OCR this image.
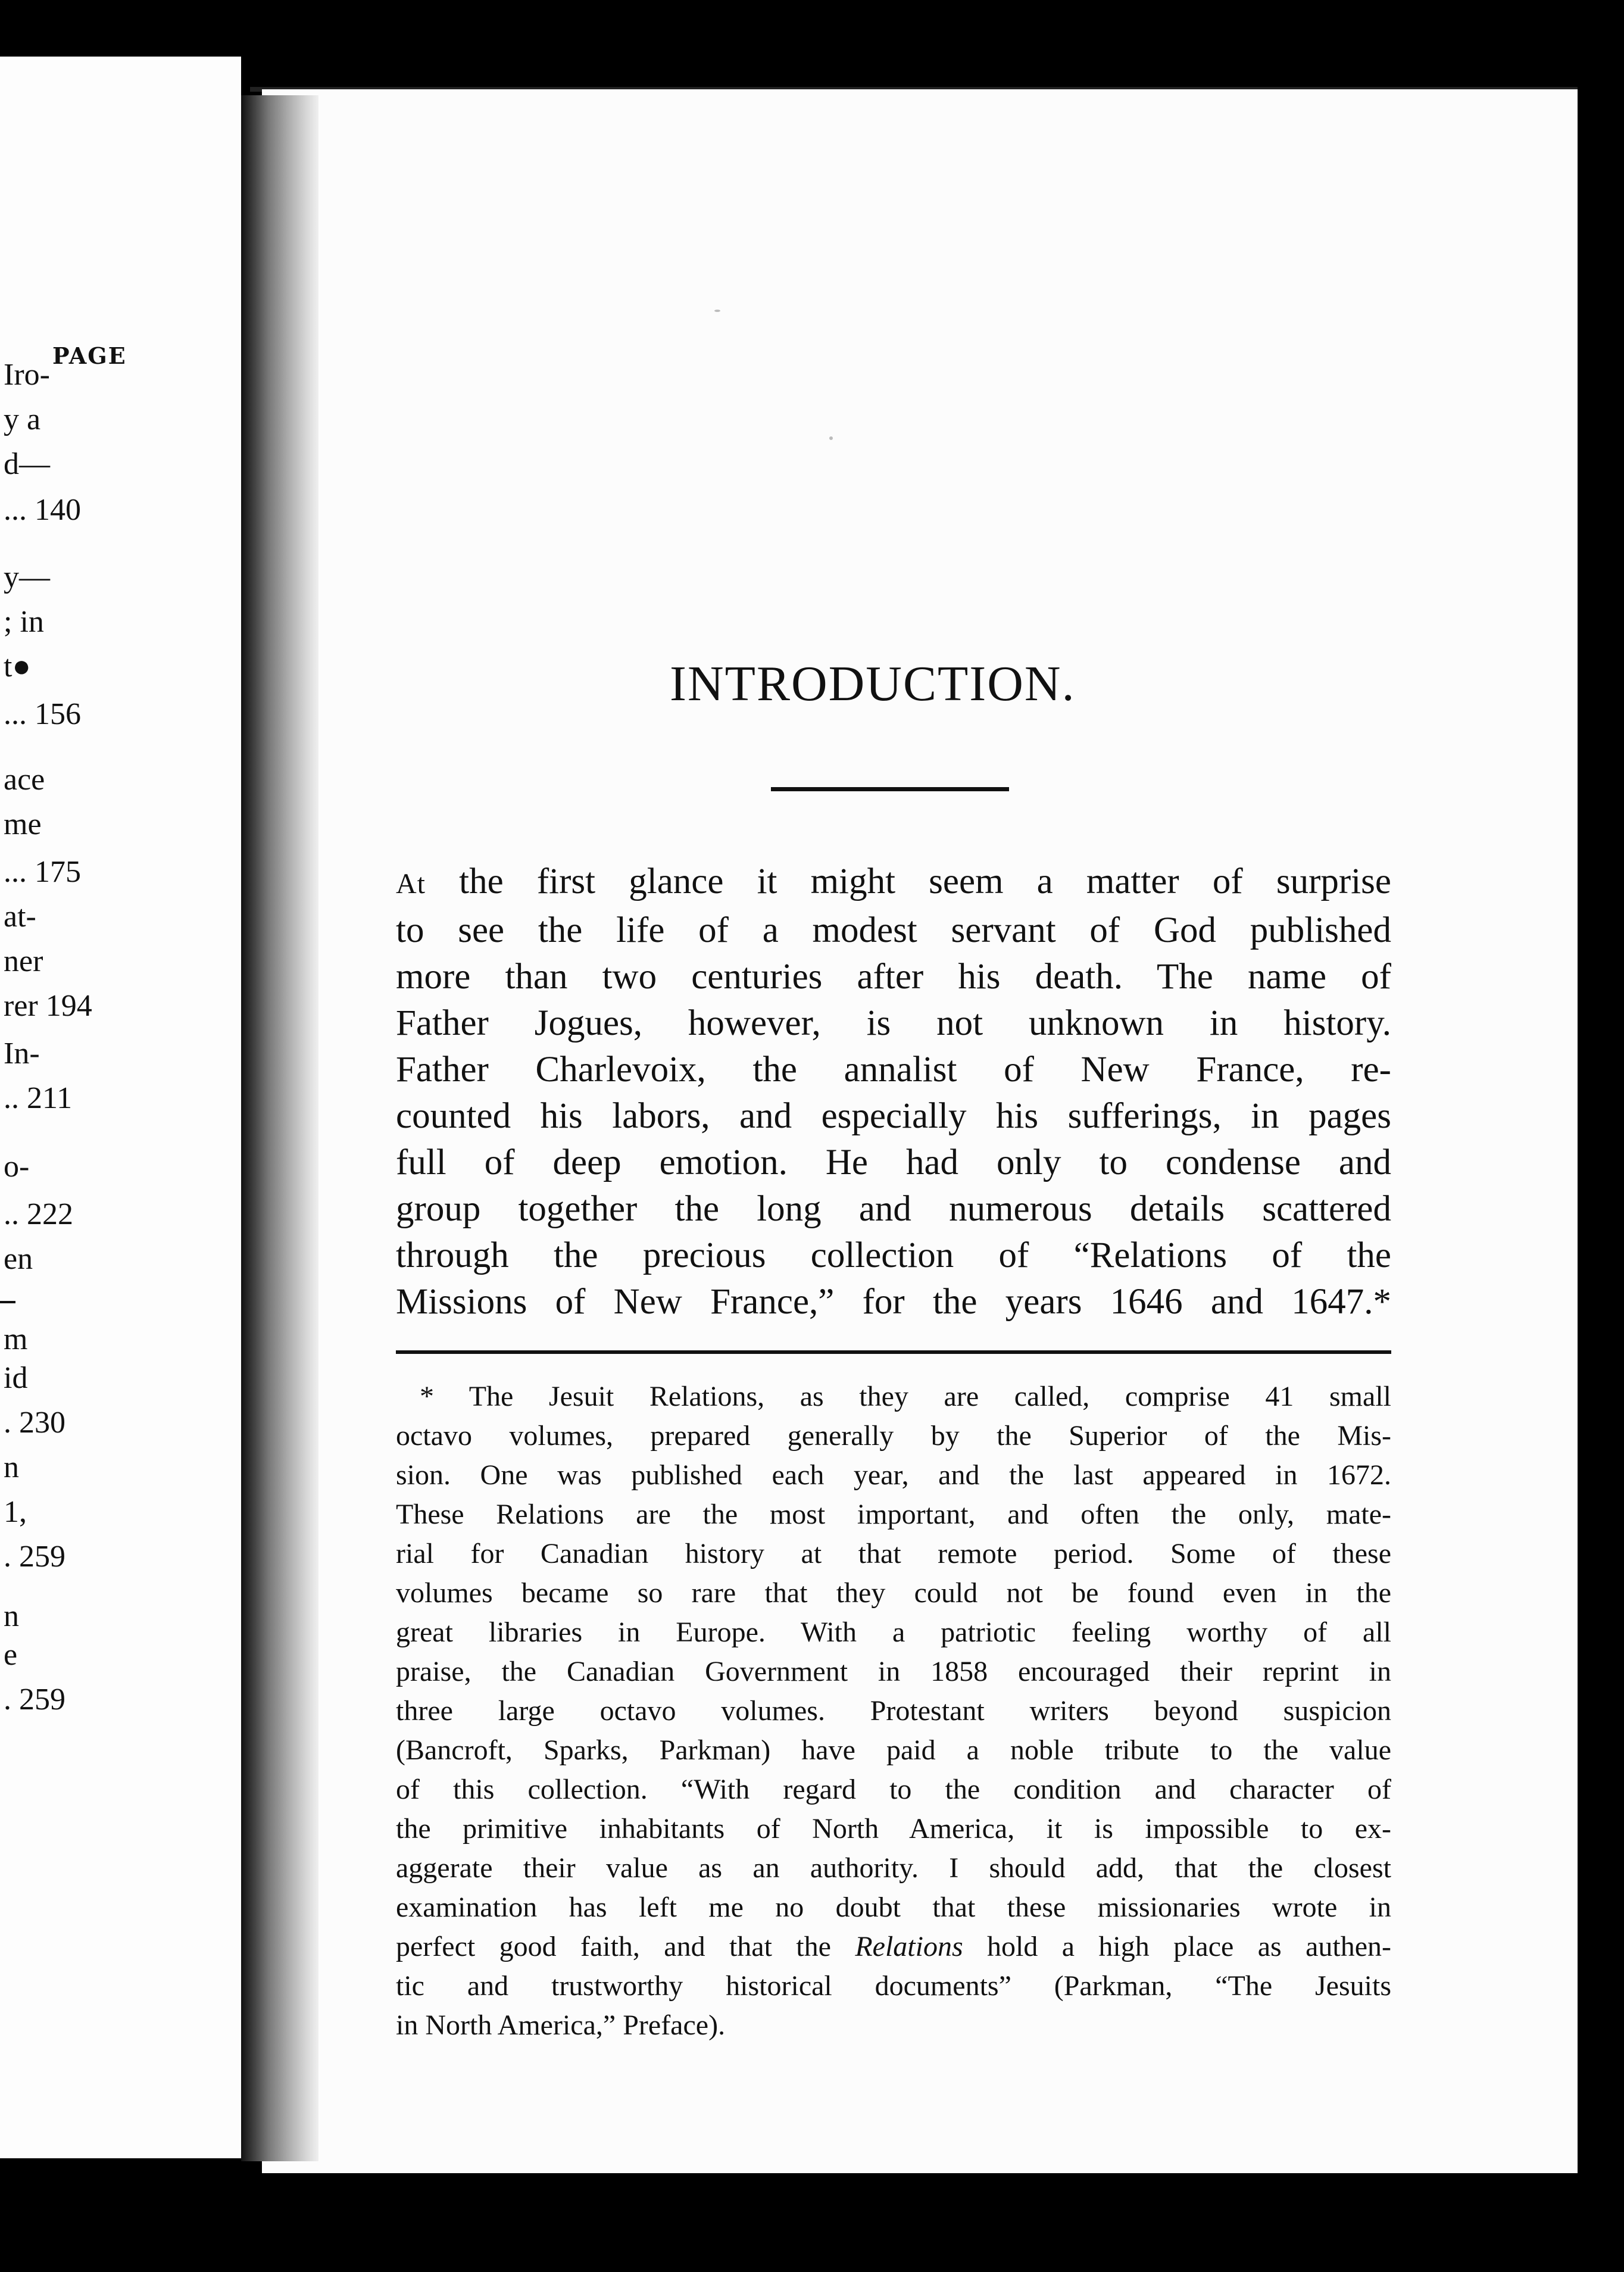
PAGE
Iro-
y a
d—
... 140
y—
; in
t●
... 156
ace
me
... 175
at-
ner
rer 194
In-
.. 211
o-
.. 222
en
m
id
. 230
n
1,
. 259
n
e
. 259
INTRODUCTION.
At the first glance it might seem a matter of surprise
to see the life of a modest servant of God published
more than two centuries after his death. The name of
Father Jogues, however, is not unknown in history.
Father Charlevoix, the annalist of New France, re-
counted his labors, and especially his sufferings, in pages
full of deep emotion. He had only to condense and
group together the long and numerous details scattered
through the precious collection of “Relations of the
Missions of New France,” for the years 1646 and 1647.*
* The Jesuit Relations, as they are called, comprise 41 small
octavo volumes, prepared generally by the Superior of the Mis-
sion. One was published each year, and the last appeared in 1672.
These Relations are the most important, and often the only, mate-
rial for Canadian history at that remote period. Some of these
volumes became so rare that they could not be found even in the
great libraries in Europe. With a patriotic feeling worthy of all
praise, the Canadian Government in 1858 encouraged their reprint in
three large octavo volumes. Protestant writers beyond suspicion
(Bancroft, Sparks, Parkman) have paid a noble tribute to the value
of this collection. “With regard to the condition and character of
the primitive inhabitants of North America, it is impossible to ex-
aggerate their value as an authority. I should add, that the closest
examination has left me no doubt that these missionaries wrote in
perfect good faith, and that the Relations hold a high place as authen-
tic and trustworthy historical documents” (Parkman, “The Jesuits
in North America,” Preface).
